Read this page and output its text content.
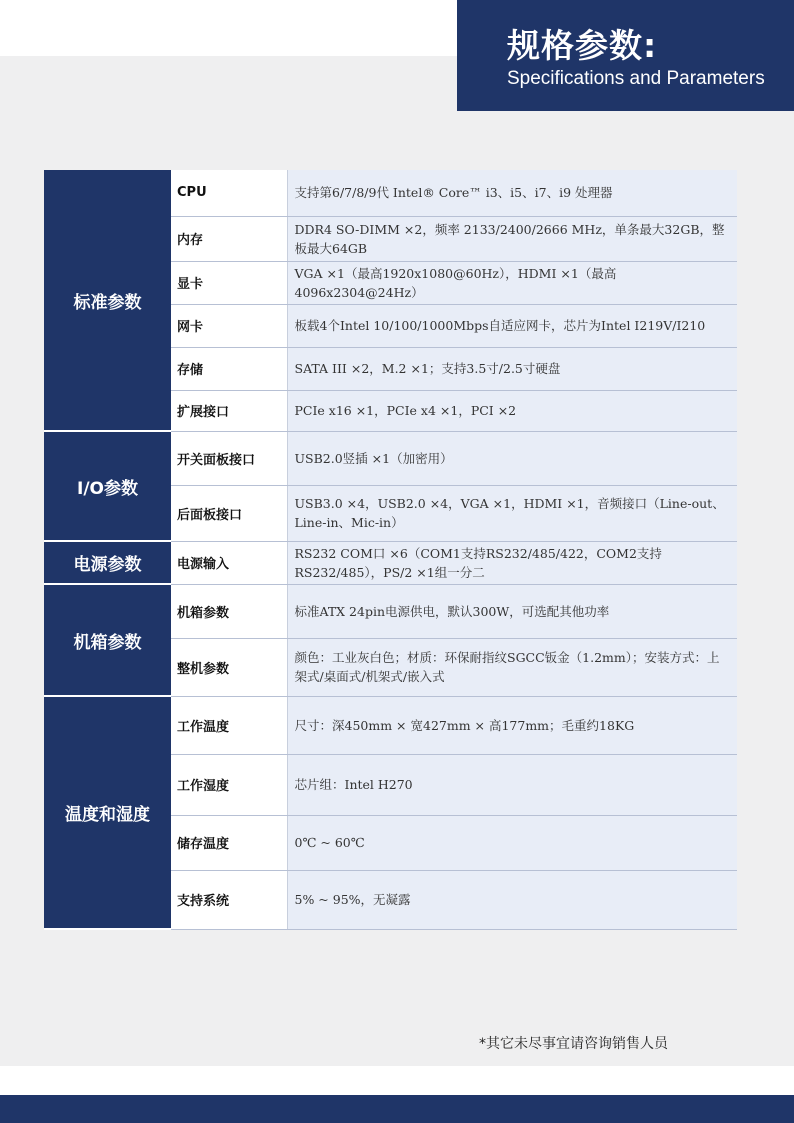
规格参数:
Specifications and Parameters
标准参数	CPU	支持第6/7/8/9代 Intel® Core™ i3、i5、i7、i9 处理器
	内存	DDR4 SO-DIMM ×2，频率 2133/2400/2666 MHz，单条最大32GB，整板最大64GB
	显卡	VGA ×1（最高1920x1080@60Hz），HDMI ×1（最高4096x2304@24Hz）
	网卡	板载4个Intel 10/100/1000Mbps自适应网卡，芯片为Intel I219V/I210
	存储	SATA III ×2，M.2 ×1；支持3.5寸/2.5寸硬盘
	扩展接口	PCIe x16 ×1，PCIe x4 ×1，PCI ×2
I/O参数	开关面板接口	USB2.0竖插 ×1（加密用）
	后面板接口	USB3.0 ×4，USB2.0 ×4，VGA ×1，HDMI ×1，音频接口（Line-out、Line-in、Mic-in）
电源参数	电源输入	RS232 COM口 ×6（COM1支持RS232/485/422，COM2支持RS232/485），PS/2 ×1组一分二
机箱参数	机箱参数	标准ATX 24pin电源供电，默认300W，可选配其他功率
	整机参数	颜色：工业灰白色；材质：环保耐指纹SGCC钣金（1.2mm）；安装方式：上架式/桌面式/机架式/嵌入式
温度和湿度	工作温度	尺寸：深450mm × 宽427mm × 高177mm；毛重约18KG
	工作湿度	芯片组：Intel H270
	储存温度	0℃ ~ 60℃
	支持系统	5% ~ 95%，无凝露
*其它未尽事宜请咨询销售人员
